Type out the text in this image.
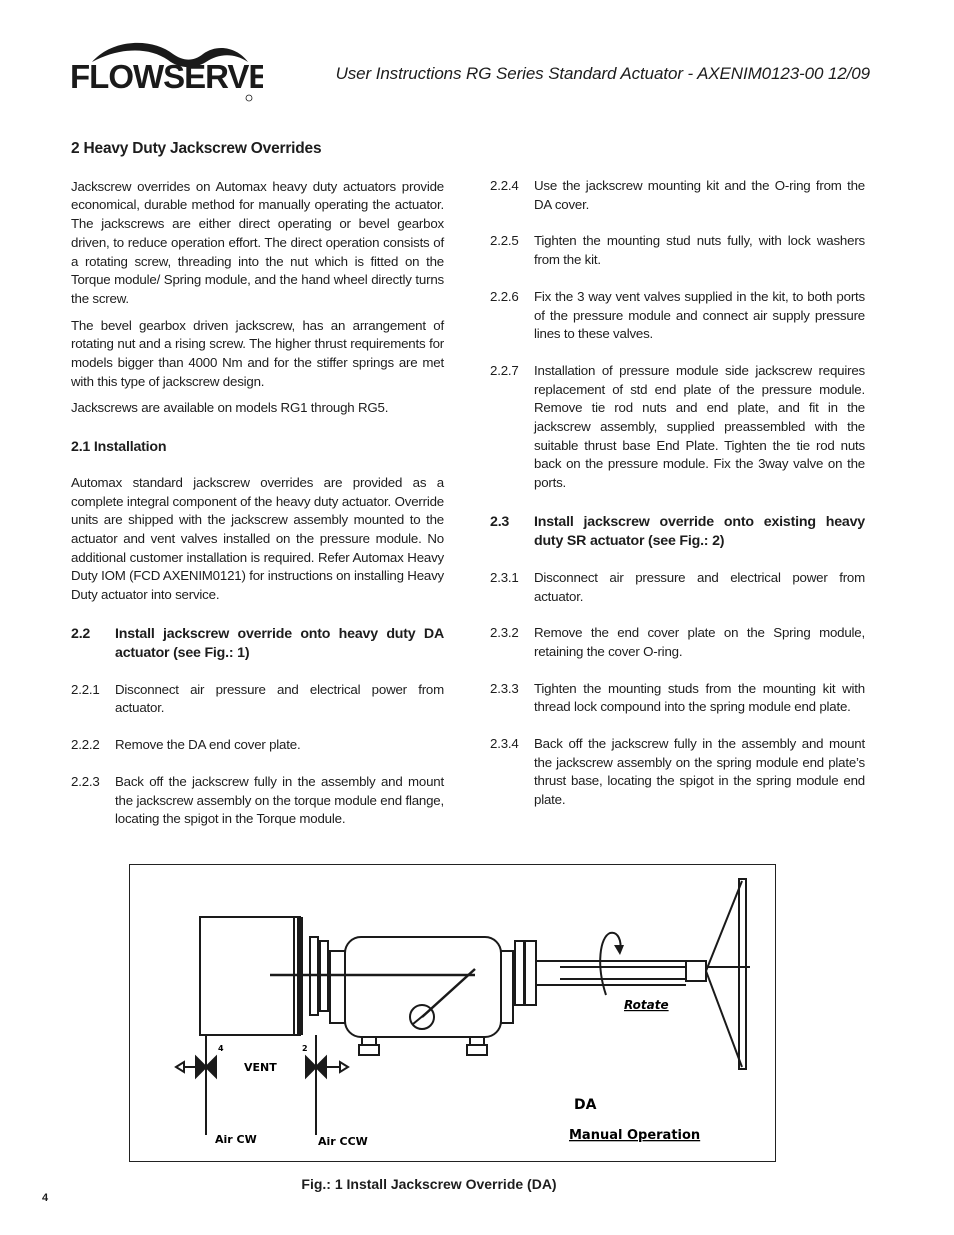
FLOWSERVE	User Instructions RG Series Standard Actuator - AXENIM0123-00 12/09
2 Heavy Duty Jackscrew Overrides

Jackscrew overrides on Automax heavy duty actuators provide economical, durable method for manually operating the actuator. The jackscrews are either direct operating or bevel gearbox driven, to reduce operation effort. The direct operation consists of a rotating screw, threading into the nut which is fitted on the Torque module/ Spring module, and the hand wheel directly turns the screw.

The bevel gearbox driven jackscrew, has an arrangement of rotating nut and a rising screw. The higher thrust requirements for models bigger than 4000 Nm and for the stiffer springs are met with this type of jackscrew design.

Jackscrews are available on models RG1 through RG5.

2.1 Installation

Automax standard jackscrew overrides are provided as a complete integral component of the heavy duty actuator. Override units are shipped with the jackscrew assembly mounted to the actuator and vent valves installed on the pressure module. No additional customer installation is required. Refer Automax Heavy Duty IOM (FCD AXENIM0121) for instructions on installing Heavy Duty actuator into service.

2.2	Install jackscrew override onto heavy duty DA actuator (see Fig.: 1)
2.2.1	Disconnect air pressure and electrical power from actuator.
2.2.2	Remove the DA end cover plate.
2.2.3	Back off the jackscrew fully in the assembly and mount the jackscrew assembly on the torque module end flange, locating the spigot in the Torque module.
2.2.4	Use the jackscrew mounting kit and the O-ring from the DA cover.
2.2.5	Tighten the mounting stud nuts fully, with lock washers from the kit.
2.2.6	Fix the 3 way vent valves supplied in the kit, to both ports of the pressure module and connect air supply pressure lines to these valves.
2.2.7	Installation of pressure module side jackscrew requires replacement of std end plate of the pressure module. Remove tie rod nuts and end plate, and fit in the jackscrew assembly, supplied preassembled with the suitable thrust base End Plate. Tighten the tie rod nuts back on the pressure module. Fix the 3way valve on the ports.
2.3	Install jackscrew override onto existing heavy duty SR actuator (see Fig.: 2)
2.3.1	Disconnect air pressure and electrical power from actuator.
2.3.2	Remove the end cover plate on the Spring module, retaining the cover O-ring.
2.3.3	Tighten the mounting studs from the mounting kit with thread lock compound into the spring module end plate.
2.3.4	Back off the jackscrew fully in the assembly and mount the jackscrew assembly on the spring module end plate’s thrust base, locating the spigot in the spring module end plate.
4	2
VENT
Air CW	Air CCW
Rotate
DA
Manual Operation
Fig.: 1 Install Jackscrew Override (DA)
4
